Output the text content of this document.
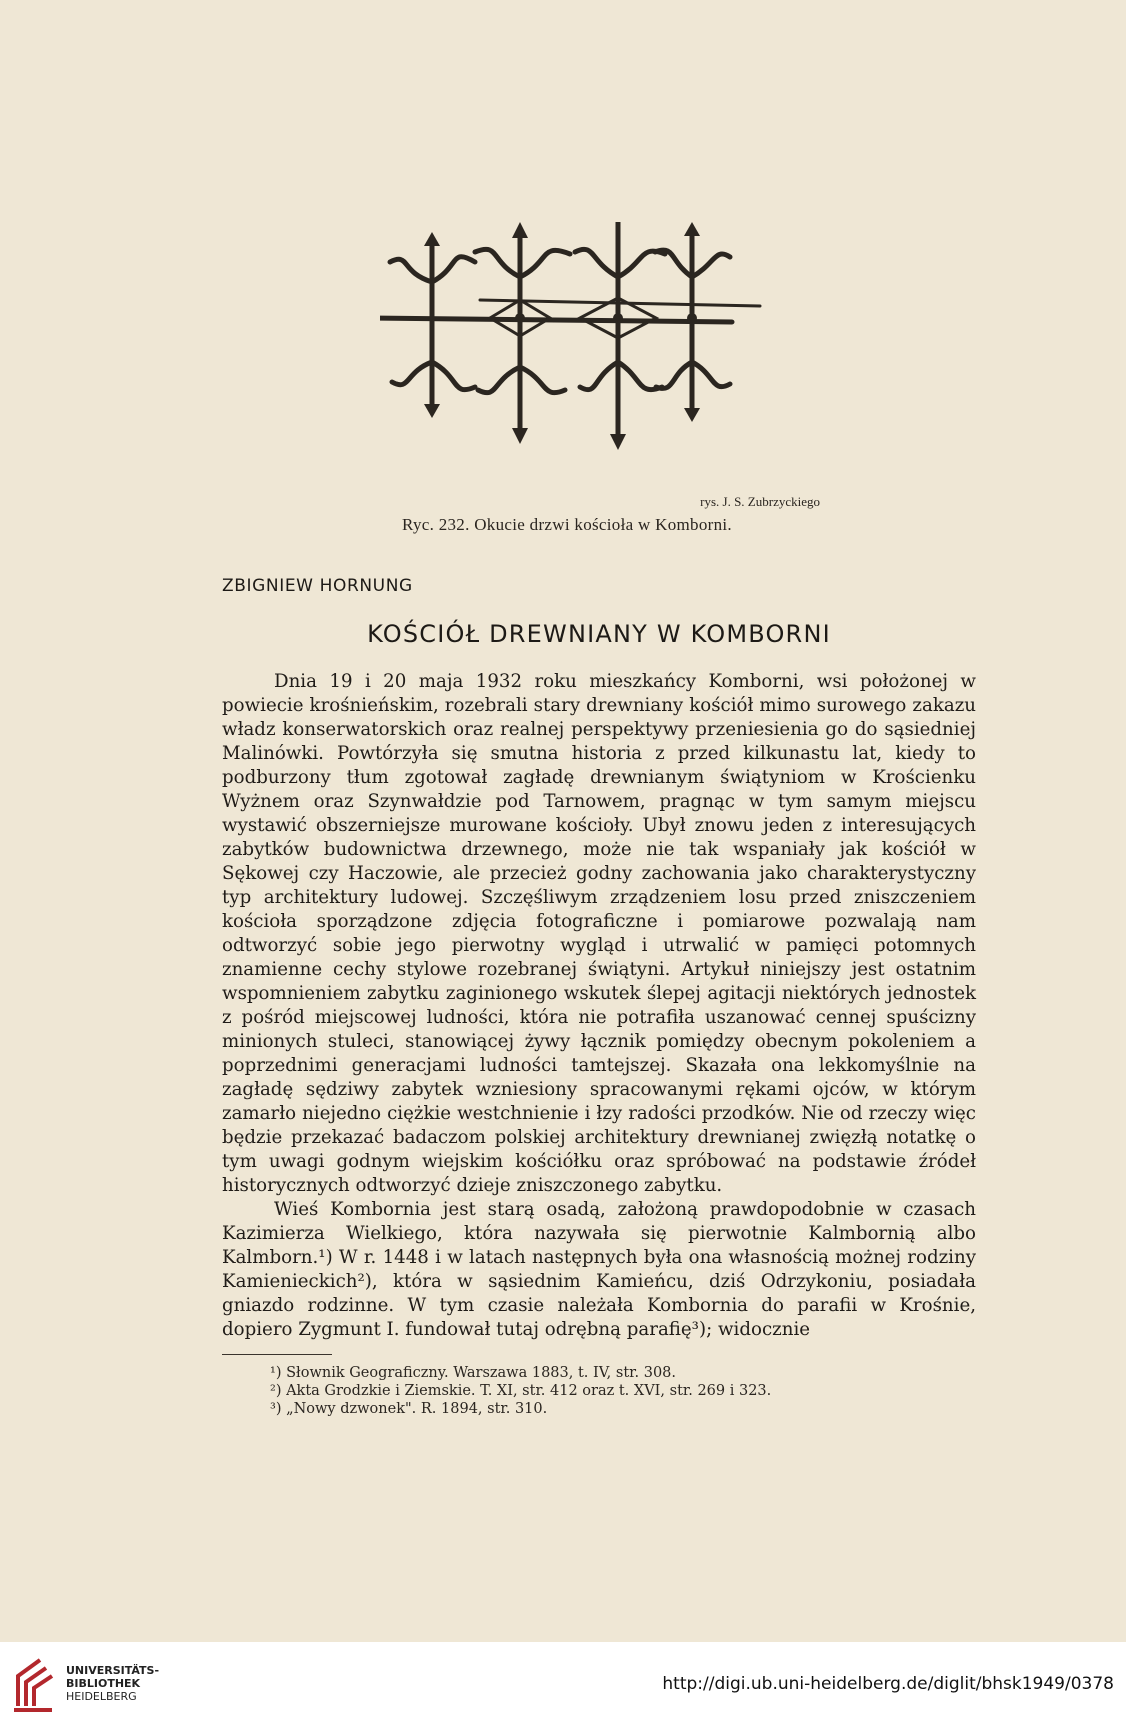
rys. J. S. Zubrzyckiego
Ryc. 232. Okucie drzwi kościoła w Komborni.
ZBIGNIEW HORNUNG
KOŚCIÓŁ DREWNIANY W KOMBORNI

Dnia 19 i 20 maja 1932 roku mieszkańcy Komborni, wsi położonej w powiecie krośnieńskim, rozebrali stary drewniany kościół mimo surowego zakazu władz konserwatorskich oraz realnej perspektywy przeniesienia go do sąsiedniej Malinówki. Powtórzyła się smutna historia z przed kilkunastu lat, kiedy to podburzony tłum zgotował zagładę drewnianym świątyniom w Krościenku Wyżnem oraz Szynwałdzie pod Tarnowem, pragnąc w tym samym miejscu wystawić obszerniejsze murowane kościoły. Ubył znowu jeden z interesujących zabytków budownictwa drzewnego, może nie tak wspaniały jak kościół w Sękowej czy Haczowie, ale przecież godny zachowania jako charakterystyczny typ architektury ludowej. Szczęśliwym zrządzeniem losu przed zniszczeniem kościoła sporządzone zdjęcia fotograficzne i pomiarowe pozwalają nam odtworzyć sobie jego pierwotny wygląd i utrwalić w pamięci potomnych znamienne cechy stylowe rozebranej świątyni. Artykuł niniejszy jest ostatnim wspomnieniem zabytku zaginionego wskutek ślepej agitacji niektórych jednostek z pośród miejscowej ludności, która nie potrafiła uszanować cennej spuścizny minionych stuleci, stanowiącej żywy łącznik pomiędzy obecnym pokoleniem a poprzednimi generacjami ludności tamtejszej. Skazała ona lekkomyślnie na zagładę sędziwy zabytek wzniesiony spracowanymi rękami ojców, w którym zamarło niejedno ciężkie westchnienie i łzy radości przodków. Nie od rzeczy więc będzie przekazać badaczom polskiej architektury drewnianej zwięzłą notatkę o tym uwagi godnym wiejskim kościółku oraz spróbować na podstawie źródeł historycznych odtworzyć dzieje zniszczonego zabytku.

Wieś Kombornia jest starą osadą, założoną prawdopodobnie w czasach Kazimierza Wielkiego, która nazywała się pierwotnie Kalmbornią albo Kalmborn.¹) W r. 1448 i w latach następnych była ona własnością możnej rodziny Kamienieckich²), która w sąsiednim Kamieńcu, dziś Odrzykoniu, posiadała gniazdo rodzinne. W tym czasie należała Kombornia do parafii w Krośnie, dopiero Zygmunt I. fundował tutaj odrębną parafię³); widocznie

¹) Słownik Geograficzny. Warszawa 1883, t. IV, str. 308.
²) Akta Grodzkie i Ziemskie. T. XI, str. 412 oraz t. XVI, str. 269 i 323.
³) „Nowy dzwonek". R. 1894, str. 310.
UNIVERSITÄTS-
BIBLIOTHEK
HEIDELBERG
http://digi.ub.uni-heidelberg.de/diglit/bhsk1949/0378
